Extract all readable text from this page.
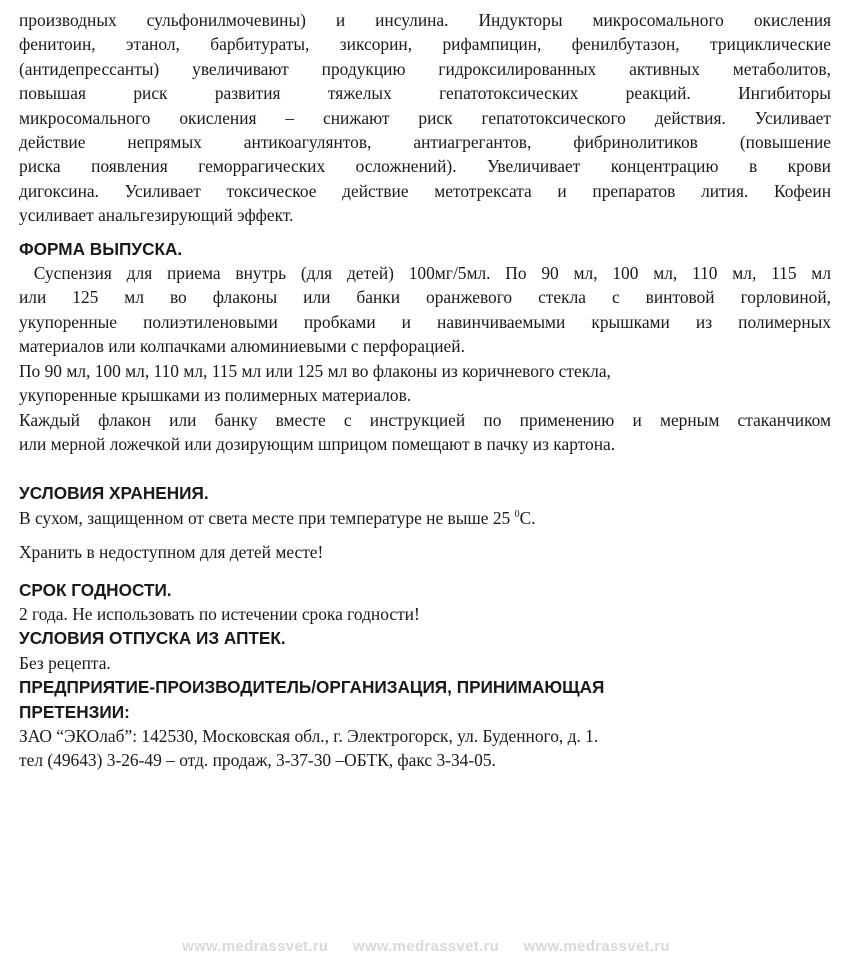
производных сульфонилмочевины) и инсулина. Индукторы микросомального окисления
фенитоин, этанол, барбитураты, зиксорин, рифампицин, фенилбутазон, трициклические
(антидепрессанты) увеличивают продукцию гидроксилированных активных метаболитов,
повышая риск развития тяжелых гепатотоксических реакций. Ингибиторы
микросомального окисления – снижают риск гепатотоксического действия. Усиливает
действие непрямых антикоагулянтов, антиагрегантов, фибринолитиков (повышение
риска появления геморрагических осложнений). Увеличивает концентрацию в крови
дигоксина. Усиливает токсическое действие метотрексата и препаратов лития. Кофеин
усиливает анальгезирующий эффект.
ФОРМА ВЫПУСКА.
Суспензия для приема внутрь (для детей) 100мг/5мл. По 90 мл, 100 мл, 110 мл, 115 мл
или 125 мл во флаконы или банки оранжевого стекла с винтовой горловиной,
укупоренные полиэтиленовыми пробками и навинчиваемыми крышками из полимерных
материалов или колпачками алюминиевыми с перфорацией.
По 90 мл, 100 мл, 110 мл, 115 мл или 125 мл во флаконы из коричневого стекла,
укупоренные крышками из полимерных материалов.
Каждый флакон или банку вместе с инструкцией по применению и мерным стаканчиком
или мерной ложечкой или дозирующим шприцом помещают в пачку из картона.
УСЛОВИЯ ХРАНЕНИЯ.
В сухом, защищенном от света месте при температуре не выше 25 $^0$С.
Хранить в недоступном для детей месте!
СРОК ГОДНОСТИ.
2 года. Не использовать по истечении срока годности!
УСЛОВИЯ ОТПУСКА ИЗ АПТЕК.
Без рецепта.
ПРЕДПРИЯТИЕ-ПРОИЗВОДИТЕЛЬ/ОРГАНИЗАЦИЯ, ПРИНИМАЮЩАЯ
ПРЕТЕНЗИИ:
ЗАО “ЭКОлаб”: 142530, Московская обл., г. Электрогорск, ул. Буденного, д. 1.
тел (49643) 3-26-49 – отд. продаж, 3-37-30 –ОБТК, факс 3-34-05.
www.medrassvet.ru www.medrassvet.ru www.medrassvet.ru
